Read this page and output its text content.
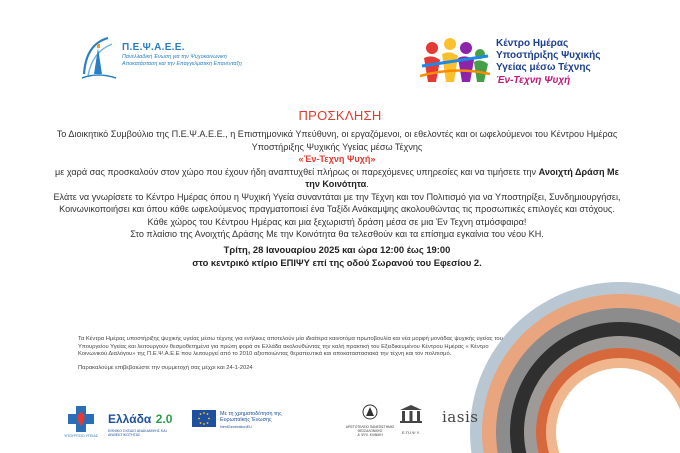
Π.Ε.Ψ.Α.Ε.Ε.
Πανελλαδική Ένωση για την Ψυχοκοινωνική Αποκατάσταση και την Επαγγελματική Επανένταξη
Κέντρο Ημέρας
Υποστήριξης Ψυχικής
Υγείας μέσω Τέχνης
Έν-Τεχνη Ψυχή
ΠΡΟΣΚΛΗΣΗ

Το Διοικητικό Συμβούλιο της Π.Ε.Ψ.Α.Ε.Ε., η Επιστημονικά Υπεύθυνη, οι εργαζόμενοι, οι εθελοντές και οι ωφελούμενοι του Κέντρου Ημέρας Υποστήριξης Ψυχικής Υγείας μέσω Τέχνης

«Έν-Τεχνη Ψυχή»

με χαρά σας προσκαλούν στον χώρο που έχουν ήδη αναπτυχθεί πλήρως οι παρεχόμενες υπηρεσίες και να τιμήσετε την Ανοιχτή Δράση Με την Κοινότητα.

Ελάτε να γνωρίσετε το Κέντρο Ημέρας όπου η Ψυχική Υγεία συναντάται με την Τέχνη και τον Πολιτισμό για να Υποστηρίξει, Συνδημιουργήσει, Κοινωνικοποιήσει και όπου κάθε ωφελούμενος πραγματοποιεί ένα Ταξίδι Ανάκαμψης ακολουθώντας τις προσωπικές επιλογές και στόχους.

Κάθε χώρος του Κέντρου Ημέρας και μια ξεχωριστή δράση μέσα σε μια Έν Τεχνη ατμόσφαιρα!

Στο πλαίσιο της Ανοιχτής Δράσης Με την Κοινότητα θα τελεσθούν και τα επίσημα εγκαίνια του νέου ΚΗ.

Τρίτη, 28 Ιανουαρίου 2025 και ώρα 12:00 έως 19:00

στο κεντρικό κτίριο ΕΠΙΨΥ επί της οδού Σωρανού του Εφεσίου 2.

Τα Κέντρα Ημέρας υποστήριξης ψυχικής υγείας μέσω τέχνης για ενήλικες αποτελούν μία ιδιαίτερα καινοτόμα πρωτοβουλία και νέα μορφή μονάδας ψυχικής υγείας του Υπουργείου Υγείας και λειτουργούν θεσμοθετημένα για πρώτη φορά σε Ελλάδα ακολουθώντας την καλή πρακτική του Εξειδικευμένου Κέντρου Ημέρας « Κέντρο Κοινωνικού Διαλόγου» της Π.Ε.Ψ.Α.Ε.Ε που λειτουργεί από το 2010 αξιοποιώντας θεραπευτικά και αποκαταστασιακά την τέχνη και τον πολιτισμό.

Παρακαλούμε επιβεβαιώστε την συμμετοχή σας μέχρι και 24-1-2024

ΥΠΟΥΡΓΕΙΟ ΥΓΕΙΑΣ
Ελλάδα 2.0
ΕΘΝΙΚΟ ΣΧΕΔΙΟ ΑΝΑΚΑΜΨΗΣ ΚΑΙ ΑΝΘΕΚΤΙΚΟΤΗΤΑΣ
Με τη χρηματοδότηση της Ευρωπαϊκής Ένωσης
NextGenerationEU	ΑΡΙΣΤΟΤΕΛΕΙΟ ΠΑΝΕΠΙΣΤΗΜΙΟ ΘΕΣΣΑΛΟΝΙΚΗΣ
Α' ΨΥΧ. ΚΛΙΝΙΚΗ	Ε.Π.Ι.Ψ.Υ.
iasis
